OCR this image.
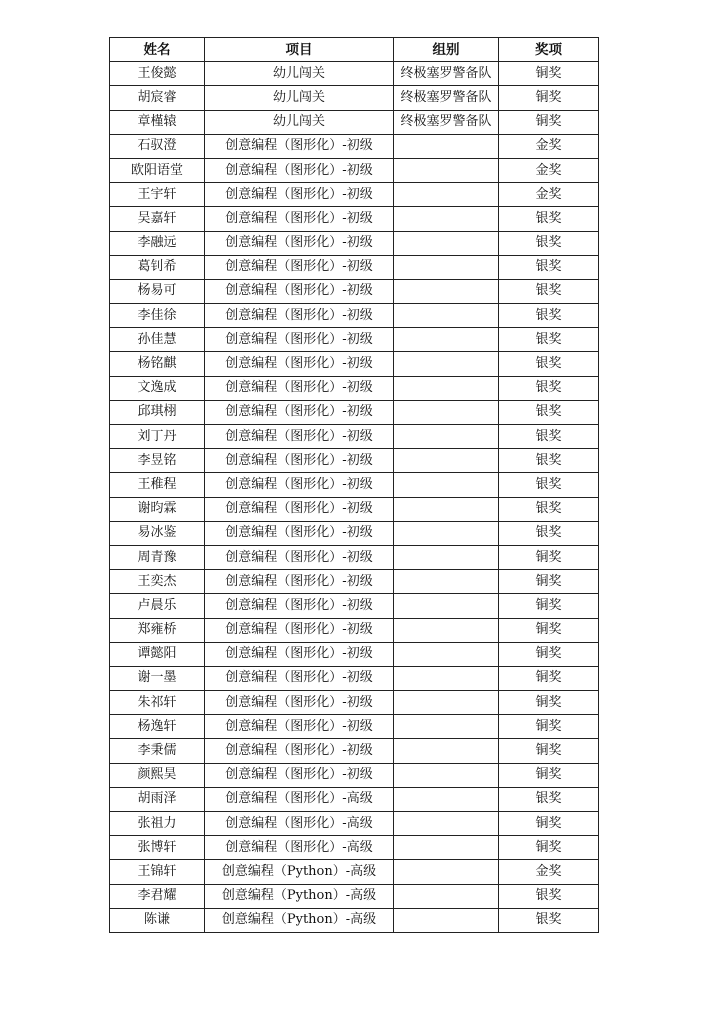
姓名	项目	组别	奖项
王俊懿	幼儿闯关	终极塞罗警备队	铜奖
胡宸睿	幼儿闯关	终极塞罗警备队	铜奖
章槿辕	幼儿闯关	终极塞罗警备队	铜奖
石驭澄	创意编程（图形化）-初级		金奖
欧阳语堂	创意编程（图形化）-初级		金奖
王宇轩	创意编程（图形化）-初级		金奖
吴嘉轩	创意编程（图形化）-初级		银奖
李融远	创意编程（图形化）-初级		银奖
葛钊希	创意编程（图形化）-初级		银奖
杨易可	创意编程（图形化）-初级		银奖
李佳徐	创意编程（图形化）-初级		银奖
孙佳慧	创意编程（图形化）-初级		银奖
杨铭麒	创意编程（图形化）-初级		银奖
文逸成	创意编程（图形化）-初级		银奖
邱琪栩	创意编程（图形化）-初级		银奖
刘丁丹	创意编程（图形化）-初级		银奖
李昱铭	创意编程（图形化）-初级		银奖
王稚程	创意编程（图形化）-初级		银奖
谢昀霖	创意编程（图形化）-初级		银奖
易冰鉴	创意编程（图形化）-初级		银奖
周青豫	创意编程（图形化）-初级		铜奖
王奕杰	创意编程（图形化）-初级		铜奖
卢晨乐	创意编程（图形化）-初级		铜奖
郑雍桥	创意编程（图形化）-初级		铜奖
谭懿阳	创意编程（图形化）-初级		铜奖
谢一墨	创意编程（图形化）-初级		铜奖
朱祁轩	创意编程（图形化）-初级		铜奖
杨逸轩	创意编程（图形化）-初级		铜奖
李秉儒	创意编程（图形化）-初级		铜奖
颜熙昊	创意编程（图形化）-初级		铜奖
胡雨泽	创意编程（图形化）-高级		银奖
张祖力	创意编程（图形化）-高级		铜奖
张博轩	创意编程（图形化）-高级		铜奖
王锦轩	创意编程（Python）-高级		金奖
李君耀	创意编程（Python）-高级		银奖
陈谦	创意编程（Python）-高级		银奖
